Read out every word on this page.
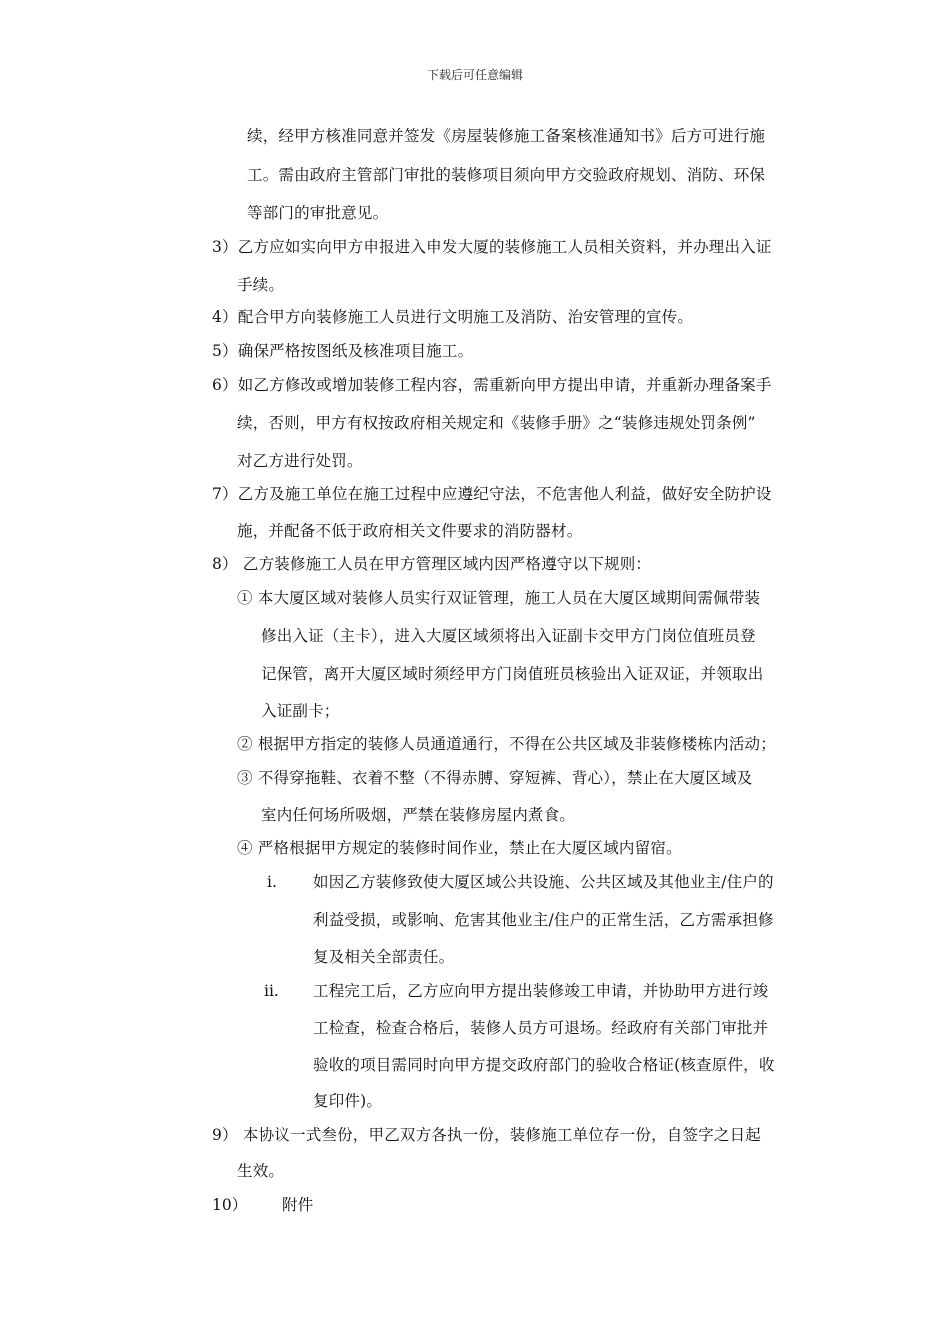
下载后可任意编辑
续，经甲方核准同意并签发《房屋装修施工备案核准通知书》后方可进行施
工。需由政府主管部门审批的装修项目须向甲方交验政府规划、消防、环保
等部门的审批意见。
3）乙方应如实向甲方申报进入申发大厦的装修施工人员相关资料，并办理出入证
手续。
4）配合甲方向装修施工人员进行文明施工及消防、治安管理的宣传。
5）确保严格按图纸及核准项目施工。
6）如乙方修改或增加装修工程内容，需重新向甲方提出申请，并重新办理备案手
续，否则，甲方有权按政府相关规定和《装修手册》之“装修违规处罚条例”
对乙方进行处罚。
7）乙方及施工单位在施工过程中应遵纪守法，不危害他人利益，做好安全防护设
施，并配备不低于政府相关文件要求的消防器材。
8） 乙方装修施工人员在甲方管理区域内因严格遵守以下规则：
① 本大厦区域对装修人员实行双证管理，施工人员在大厦区域期间需佩带装
修出入证（主卡），进入大厦区域须将出入证副卡交甲方门岗位值班员登
记保管，离开大厦区域时须经甲方门岗值班员核验出入证双证，并领取出
入证副卡；
② 根据甲方指定的装修人员通道通行，不得在公共区域及非装修楼栋内活动；
③ 不得穿拖鞋、衣着不整（不得赤膊、穿短裤、背心），禁止在大厦区域及
室内任何场所吸烟，严禁在装修房屋内煮食。
④ 严格根据甲方规定的装修时间作业，禁止在大厦区域内留宿。
i. 如因乙方装修致使大厦区域公共设施、公共区域及其他业主/住户的
利益受损，或影响、危害其他业主/住户的正常生活，乙方需承担修
复及相关全部责任。
ii. 工程完工后，乙方应向甲方提出装修竣工申请，并协助甲方进行竣
工检查，检查合格后，装修人员方可退场。经政府有关部门审批并
验收的项目需同时向甲方提交政府部门的验收合格证(核查原件，收
复印件)。
9） 本协议一式叁份，甲乙双方各执一份，装修施工单位存一份，自签字之日起
生效。
10） 附件
